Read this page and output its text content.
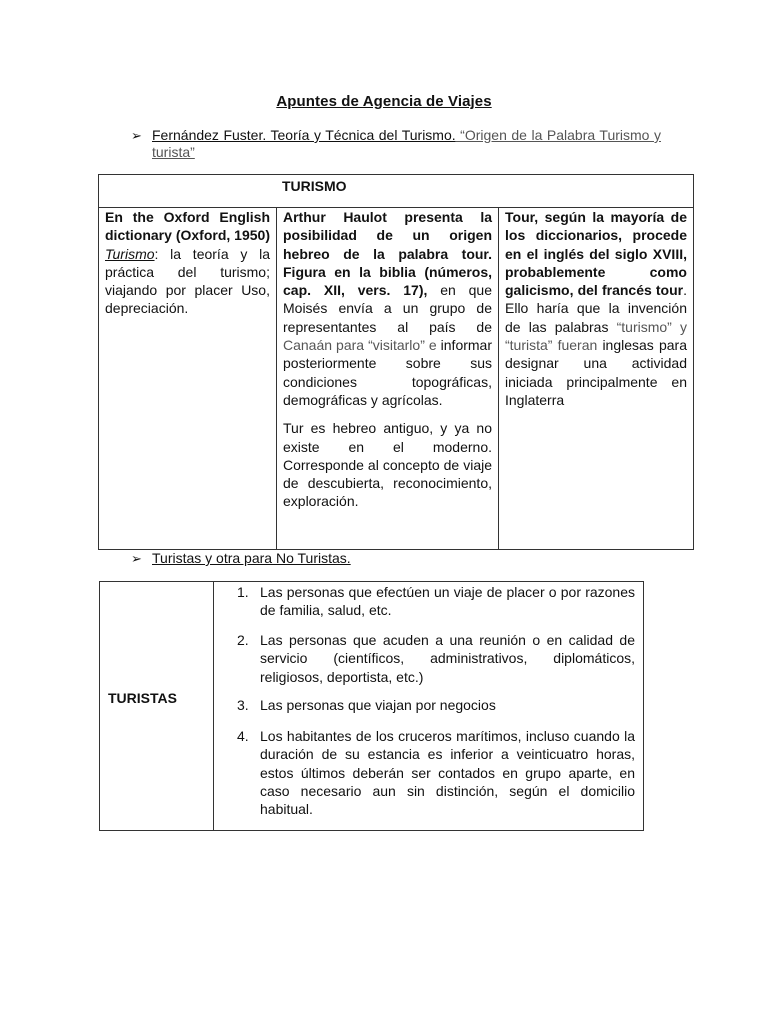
Apuntes de Agencia de Viajes
➢ Fernández Fuster. Teoría y Técnica del Turismo. “Origen de la Palabra Turismo y turista”
TURISMO

En the Oxford English dictionary (Oxford, 1950) Turismo: la teoría y la práctica del turismo; viajando por placer Uso, depreciación.

Arthur Haulot presenta la posibilidad de un origen hebreo de la palabra tour. Figura en la biblia (números, cap. XII, vers. 17), en que Moisés envía a un grupo de representantes al país de Canaán para “visitarlo” e informar posteriormente sobre sus condiciones topográficas, demográficas y agrícolas.

Tur es hebreo antiguo, y ya no existe en el moderno. Corresponde al concepto de viaje de descubierta, reconocimiento, exploración.

Tour, según la mayoría de los diccionarios, procede en el inglés del siglo XVIII, probablemente como galicismo, del francés tour. Ello haría que la invención de las palabras “turismo” y “turista” fueran inglesas para designar una actividad iniciada principalmente en Inglaterra

➢ Turistas y otra para No Turistas.
TURISTAS
1. Las personas que efectúen un viaje de placer o por razones de familia, salud, etc.
2. Las personas que acuden a una reunión o en calidad de servicio (científicos, administrativos, diplomáticos, religiosos, deportista, etc.)
3. Las personas que viajan por negocios
4. Los habitantes de los cruceros marítimos, incluso cuando la duración de su estancia es inferior a veinticuatro horas, estos últimos deberán ser contados en grupo aparte, en caso necesario aun sin distinción, según el domicilio habitual.
